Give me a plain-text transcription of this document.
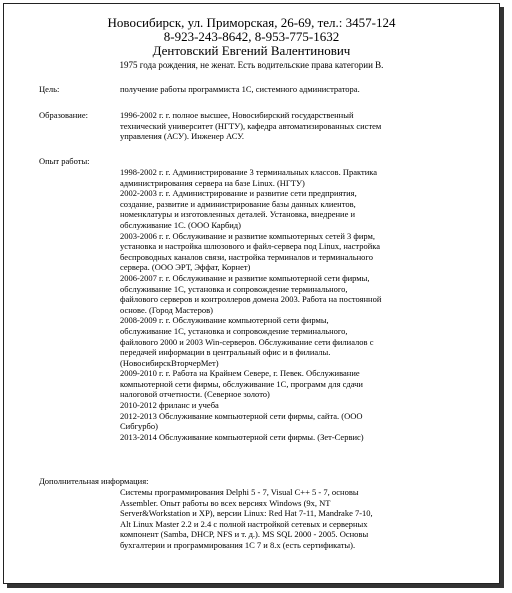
Новосибирск, ул. Приморская, 26-69, тел.: 3457-124
8-923-243-8642, 8-953-775-1632
Дентовский Евгений Валентинович
1975 года рождения, не женат. Есть водительские права категории В.
Цель:	получение работы программиста 1С, системного администратора.
Образование:	1996-2002 г. г. полное высшее, Новосибирский государственный
технический университет (НГТУ), кафедра автоматизированных систем
управления (АСУ). Инженер АСУ.
Опыт работы:
1998-2002 г. г. Администрирование 3 терминальных классов. Практика
администрирования сервера на базе Linux. (НГТУ)
2002-2003 г. г. Администрирование и развитие сети предприятия,
создание, развитие и администрирование базы данных клиентов,
номенклатуры и изготовленных деталей. Установка, внедрение и
обслуживание 1С. (ООО Карбид)
2003-2006 г. г. Обслуживание и развитие компьютерных сетей 3 фирм,
установка и настройка шлюзового и файл-сервера под Linux, настройка
беспроводных каналов связи, настройка терминалов и терминального
сервера. (ООО ЭРТ, Эффат, Корнет)
2006-2007 г. г. Обслуживание и развитие компьютерной сети фирмы,
обслуживание 1С, установка и сопровождение терминального,
файлового серверов и контроллеров домена 2003. Работа на постоянной
основе. (Город Мастеров)
2008-2009 г. г. Обслуживание компьютерной сети фирмы,
обслуживание 1С, установка и сопровождение терминального,
файлового 2000 и 2003 Win-серверов. Обслуживание сети филиалов с
передачей информации в центральный офис и в филиалы.
(НовосибирскВторчерМет)
2009-2010 г. г. Работа на Крайнем Севере, г. Певек. Обслуживание
компьютерной сети фирмы, обслуживание 1С, программ для сдачи
налоговой отчетности. (Северное золото)
2010-2012 фриланс и учеба
2012-2013 Обслуживание компьютерной сети фирмы, сайта. (ООО
Сибгурбо)
2013-2014 Обслуживание компьютерной сети фирмы. (Зет-Сервис)
Дополнительная информация:
Системы программирования Delphi 5 - 7, Visual C++ 5 - 7, основы
Assembler. Опыт работы во всех версиях Windows (9x, NT
Server&Workstation и XP), версии Linux: Red Hat 7-11, Mandrake 7-10,
Alt Linux Master 2.2 и 2.4 с полной настройкой сетевых и серверных
компонент (Samba, DHCP, NFS и т. д.). MS SQL 2000 - 2005. Основы
бухгалтерии и программирования 1С 7 и 8.х (есть сертификаты).
